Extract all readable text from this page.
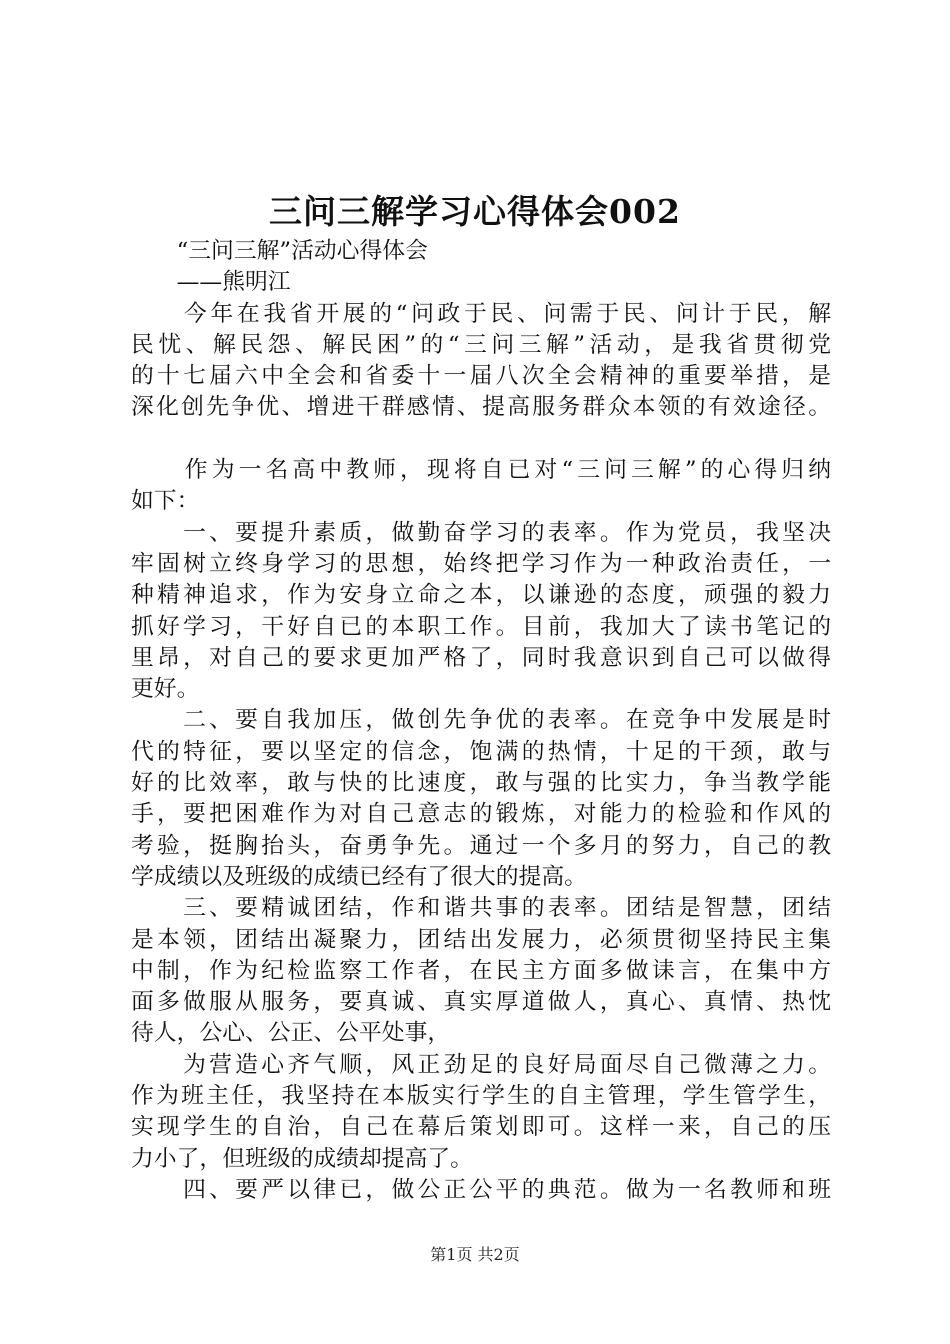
三问三解学习心得体会002
　　“三问三解”活动心得体会
　　——熊明江
　　今年在我省开展的“问政于民、问需于民、问计于民，解
民忧、解民怨、解民困”的“三问三解”活动，是我省贯彻党
的十七届六中全会和省委十一届八次全会精神的重要举措，是
深化创先争优、增进干群感情、提高服务群众本领的有效途径。

　　作为一名高中教师，现将自已对“三问三解”的心得归纳
如下：
　　一、要提升素质，做勤奋学习的表率。作为党员，我坚决
牢固树立终身学习的思想，始终把学习作为一种政治责任，一
种精神追求，作为安身立命之本，以谦逊的态度，顽强的毅力
抓好学习，干好自已的本职工作。目前，我加大了读书笔记的
里昂，对自己的要求更加严格了，同时我意识到自己可以做得
更好。
　　二、要自我加压，做创先争优的表率。在竞争中发展是时
代的特征，要以坚定的信念，饱满的热情，十足的干颈，敢与
好的比效率，敢与快的比速度，敢与强的比实力，争当教学能
手，要把困难作为对自己意志的锻炼，对能力的检验和作风的
考验，挺胸抬头，奋勇争先。通过一个多月的努力，自己的教
学成绩以及班级的成绩已经有了很大的提高。
　　三、要精诚团结，作和谐共事的表率。团结是智慧，团结
是本领，团结出凝聚力，团结出发展力，必须贯彻坚持民主集
中制，作为纪检监察工作者，在民主方面多做诔言，在集中方
面多做服从服务，要真诚、真实厚道做人，真心、真情、热忱
待人，公心、公正、公平处事，
　　为营造心齐气顺，风正劲足的良好局面尽自己微薄之力。
作为班主任，我坚持在本版实行学生的自主管理，学生管学生，
实现学生的自治，自己在幕后策划即可。这样一来，自己的压
力小了，但班级的成绩却提高了。
　　四、要严以律已，做公正公平的典范。做为一名教师和班
第1页 共2页
